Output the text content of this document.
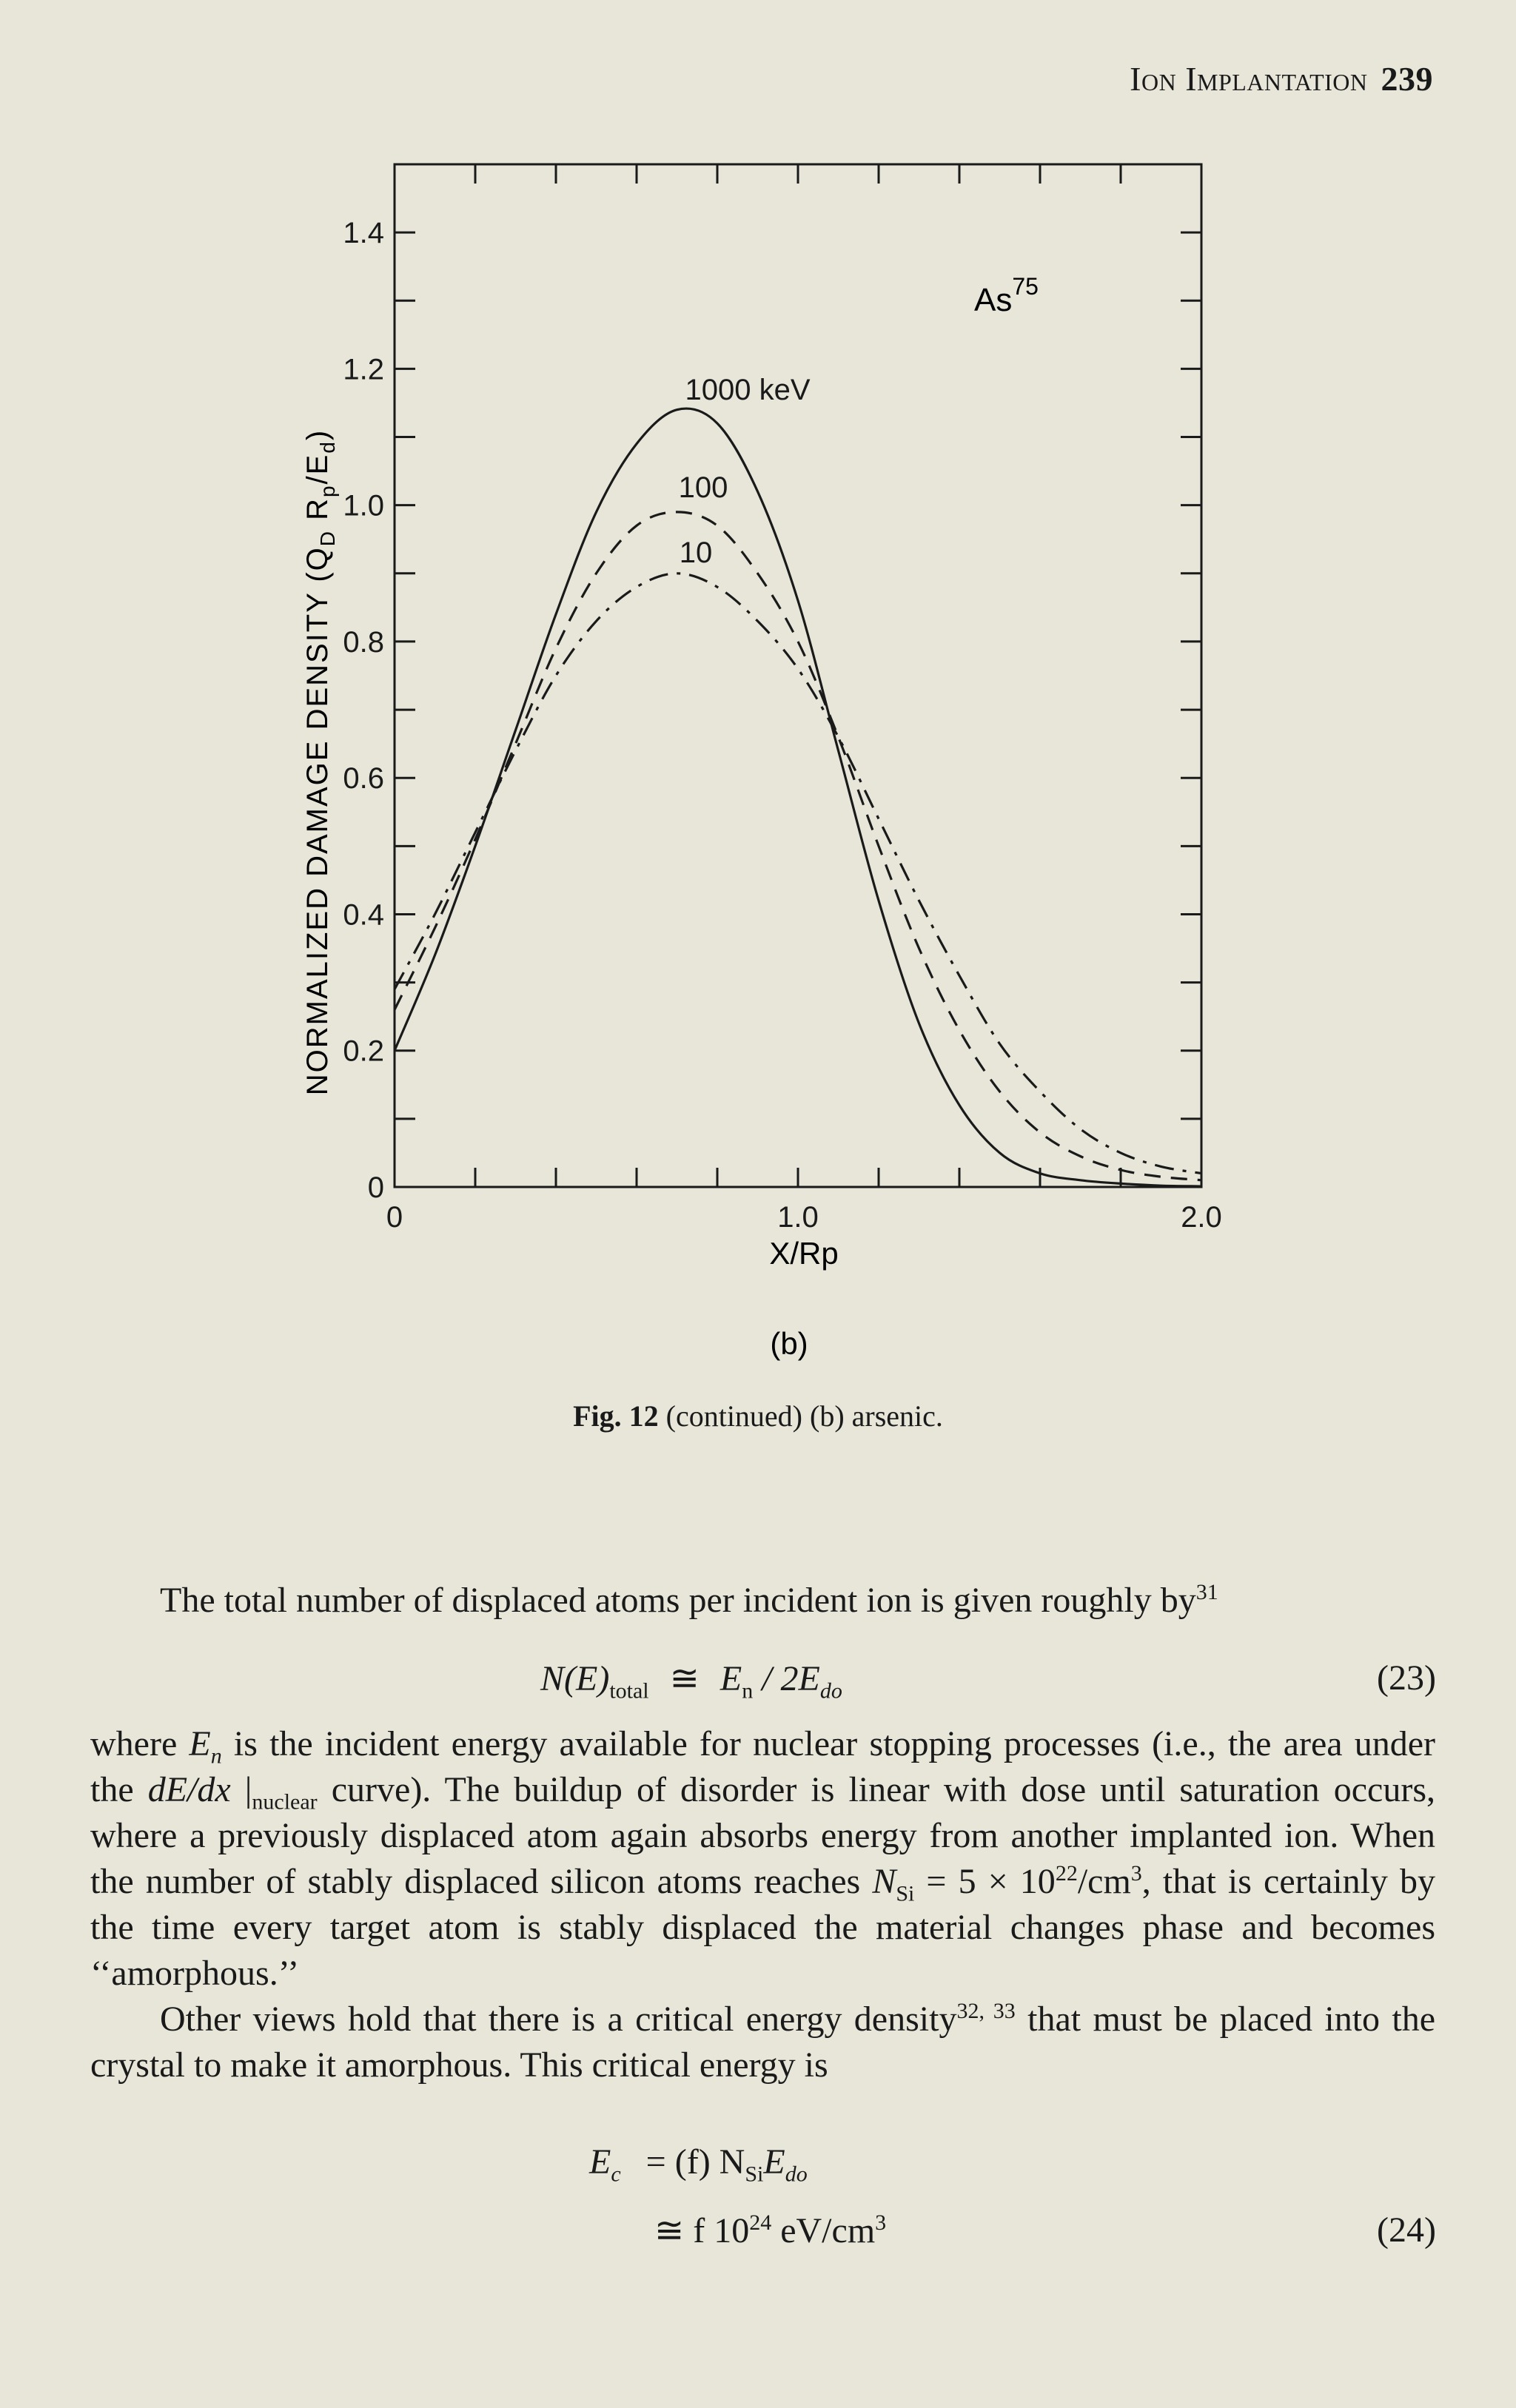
Ion Implantation 239
0
0.2
0.4
0.6
0.8
1.0
1.2
1.4
0	1.0	2.0
1000 keV
100
10
X/Rp
(b)
As$^{75}$
NORMALIZED DAMAGE DENSITY ($Q_D$ $R_p/E_d$)
Fig. 12 (continued) (b) arsenic.

The total number of displaced atoms per incident ion is given roughly $by^{31}$

$N(E)_{total}$ ≅ $E_n / 2E_{do}$	(23)

where $E_n$ is the incident energy available for nuclear stopping processes (i.e., the area under the dE/dx $|_{nuclear}$ curve). The buildup of disorder is linear with dose until saturation occurs, where a previously displaced atom again absorbs energy from another implanted ion. When the number of stably displaced silicon atoms reaches $N_{Si} = 5 \times 10^{22}/cm^3$, that is certainly by the time every target atom is stably displaced the material changes phase and becomes ‘‘amorphous.’’

Other views hold that there is a critical energy density$^{32, 33}$ that must be placed into the crystal to make it amorphous. This critical energy is

$E_c = (f)$ $N_{Si}E_{do}$
≅ f $10^{24}$ $eV/cm^3$	(24)
